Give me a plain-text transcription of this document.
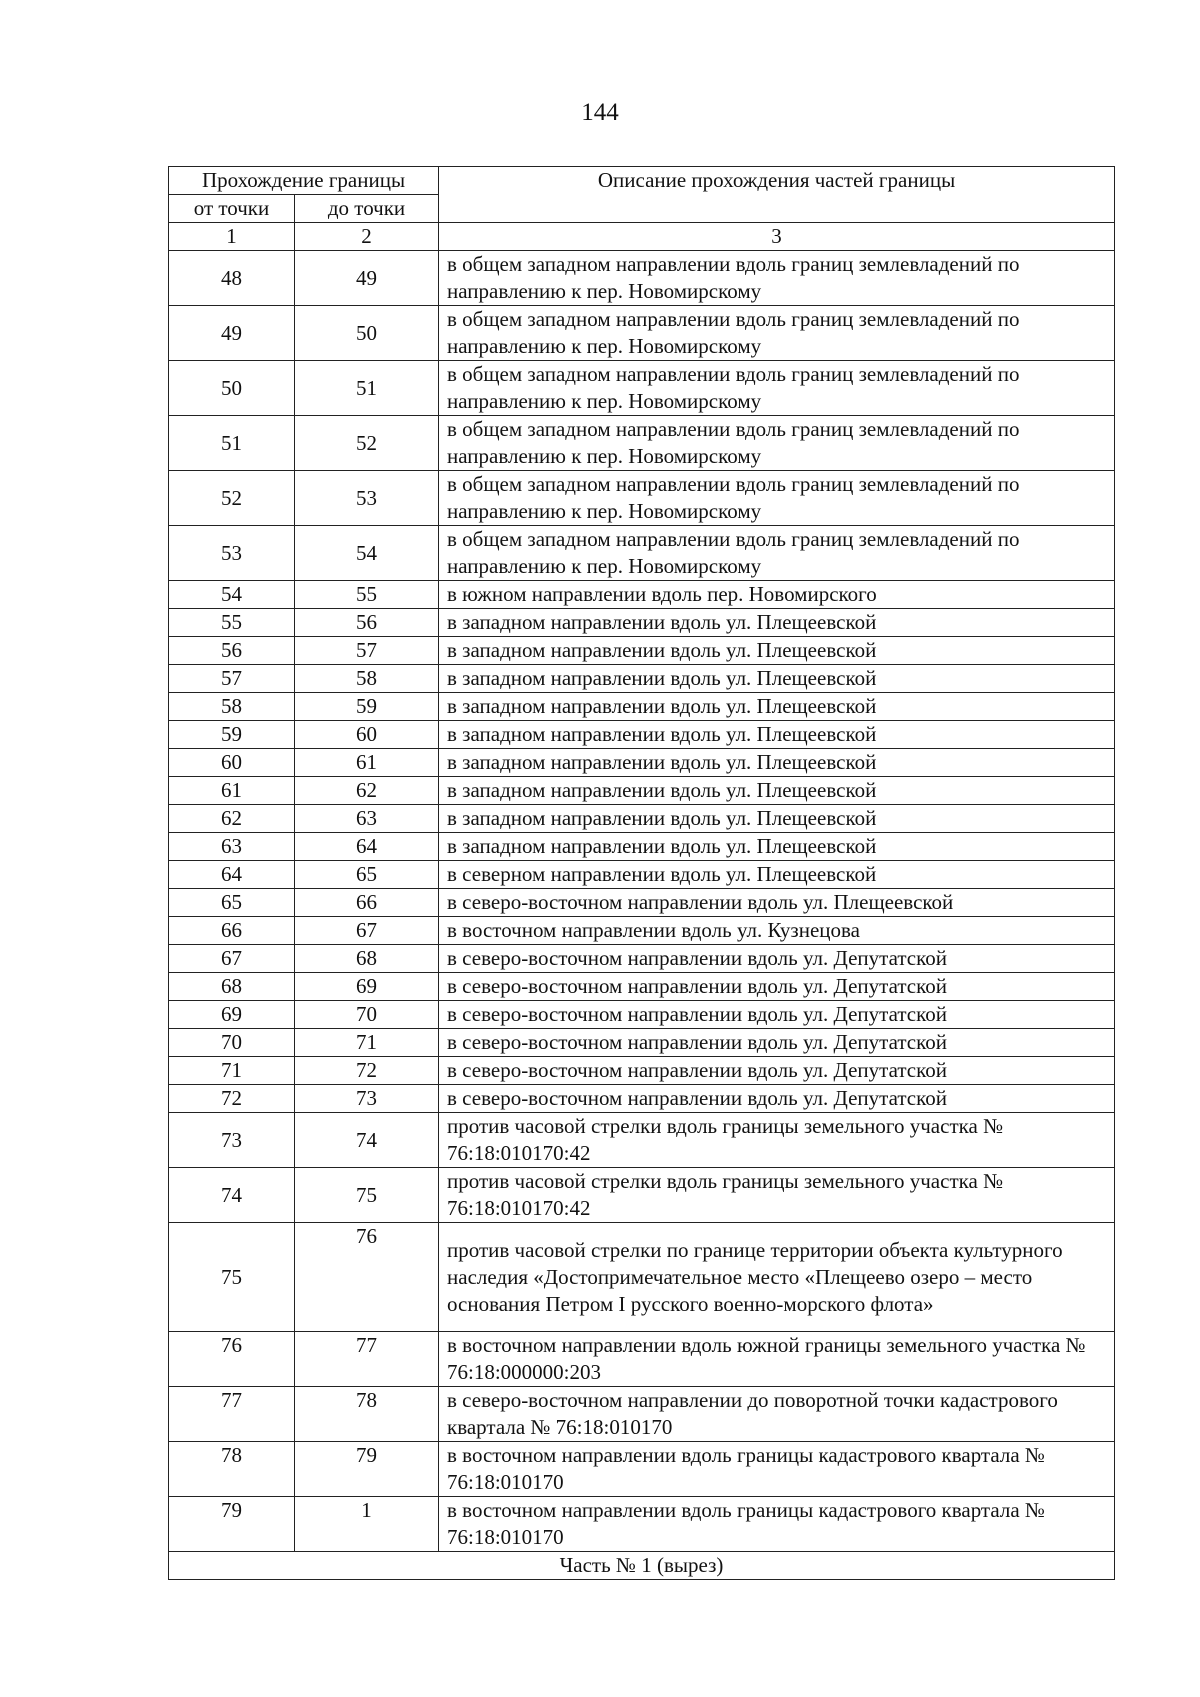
144
Прохождение границы		Описание прохождения частей границы
от точки	до точки	
1	2	3
48	49	в общем западном направлении вдоль границ землевладений по направлению к пер. Новомирскому
49	50	в общем западном направлении вдоль границ землевладений по направлению к пер. Новомирскому
50	51	в общем западном направлении вдоль границ землевладений по направлению к пер. Новомирскому
51	52	в общем западном направлении вдоль границ землевладений по направлению к пер. Новомирскому
52	53	в общем западном направлении вдоль границ землевладений по направлению к пер. Новомирскому
53	54	в общем западном направлении вдоль границ землевладений по направлению к пер. Новомирскому
54	55	в южном направлении вдоль пер. Новомирского
55	56	в западном направлении вдоль ул. Плещеевской
56	57	в западном направлении вдоль ул. Плещеевской
57	58	в западном направлении вдоль ул. Плещеевской
58	59	в западном направлении вдоль ул. Плещеевской
59	60	в западном направлении вдоль ул. Плещеевской
60	61	в западном направлении вдоль ул. Плещеевской
61	62	в западном направлении вдоль ул. Плещеевской
62	63	в западном направлении вдоль ул. Плещеевской
63	64	в западном направлении вдоль ул. Плещеевской
64	65	в северном направлении вдоль ул. Плещеевской
65	66	в северо-восточном направлении вдоль ул. Плещеевской
66	67	в восточном направлении вдоль ул. Кузнецова
67	68	в северо-восточном направлении вдоль ул. Депутатской
68	69	в северо-восточном направлении вдоль ул. Депутатской
69	70	в северо-восточном направлении вдоль ул. Депутатской
70	71	в северо-восточном направлении вдоль ул. Депутатской
71	72	в северо-восточном направлении вдоль ул. Депутатской
72	73	в северо-восточном направлении вдоль ул. Депутатской
73	74	против часовой стрелки вдоль границы земельного участка № 76:18:010170:42
74	75	против часовой стрелки вдоль границы земельного участка № 76:18:010170:42
75	76	против часовой стрелки по границе территории объекта культурного наследия «Достопримечательное место «Плещеево озеро – место основания Петром I русского военно-морского флота»
76	77	в восточном направлении вдоль южной границы земельного участка № 76:18:000000:203
77	78	в северо-восточном направлении до поворотной точки кадастрового квартала № 76:18:010170
78	79	в восточном направлении вдоль границы кадастрового квартала № 76:18:010170
79	1	в восточном направлении вдоль границы кадастрового квартала № 76:18:010170
Часть № 1 (вырез)		
